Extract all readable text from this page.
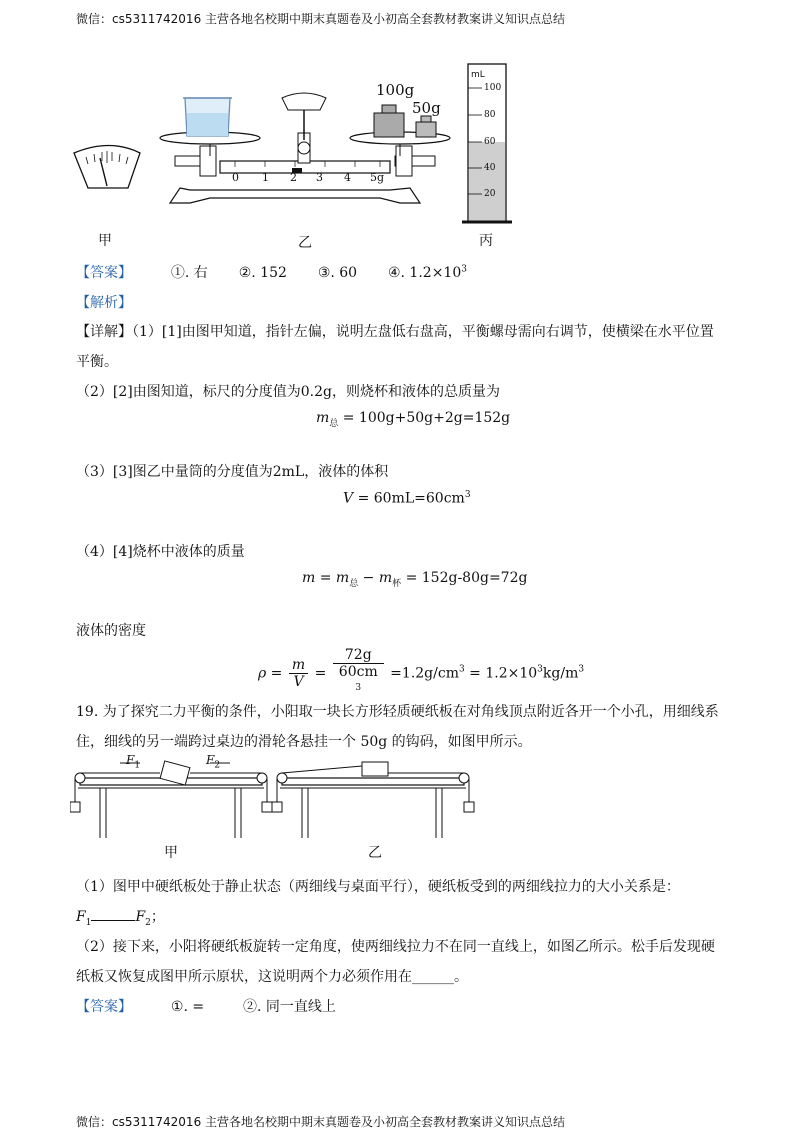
微信：cs5311742016 主营各地名校期中期末真题卷及小初高全套教材教案讲义知识点总结
100g
50g
0 1 2 3 4 5g
mL
100
80
60
40
20
甲	乙	丙
【答案】	①. 右 ②. 152 ③. 60 ④. $1.2\times 10^3$
【解析】
【详解】（1）[1]由图甲知道，指针左偏，说明左盘低右盘高，平衡螺母需向右调节，使横梁在水平位置
平衡。
（2）[2]由图知道，标尺的分度值为0.2g，则烧杯和液体的总质量为
$m_总 = 100g+50g+2g=152g$
（3）[3]图乙中量筒的分度值为2mL，液体的体积
$V = 60mL=60cm^3$
（4）[4]烧杯中液体的质量
$m = m_总 - m_杯 = 152g-80g=72g$
液体的密度
$\rho = \frac{m}{V} = 72g$
60cm
$^3 =1.2g/cm^3 = 1.2\times 10^3kg/m^3$
19. 为了探究二力平衡的条件，小阳取一块长方形轻质硬纸板在对角线顶点附近各开一个小孔，用细线系
住，细线的另一端跨过桌边的滑轮各悬挂一个 50g 的钩码，如图甲所示。
$F_1$	$F_2$
甲	乙
（1）图甲中硬纸板处于静止状态（两细线与桌面平行），硬纸板受到的两细线拉力的大小关系是：
$F_1$	$F_2$；
（2）接下来，小阳将硬纸板旋转一定角度，使两细线拉力不在同一直线上，如图乙所示。松手后发现硬
纸板又恢复成图甲所示原状，这说明两个力必须作用在______。
【答案】	①. =	②. 同一直线上
微信：cs5311742016 主营各地名校期中期末真题卷及小初高全套教材教案讲义知识点总结
